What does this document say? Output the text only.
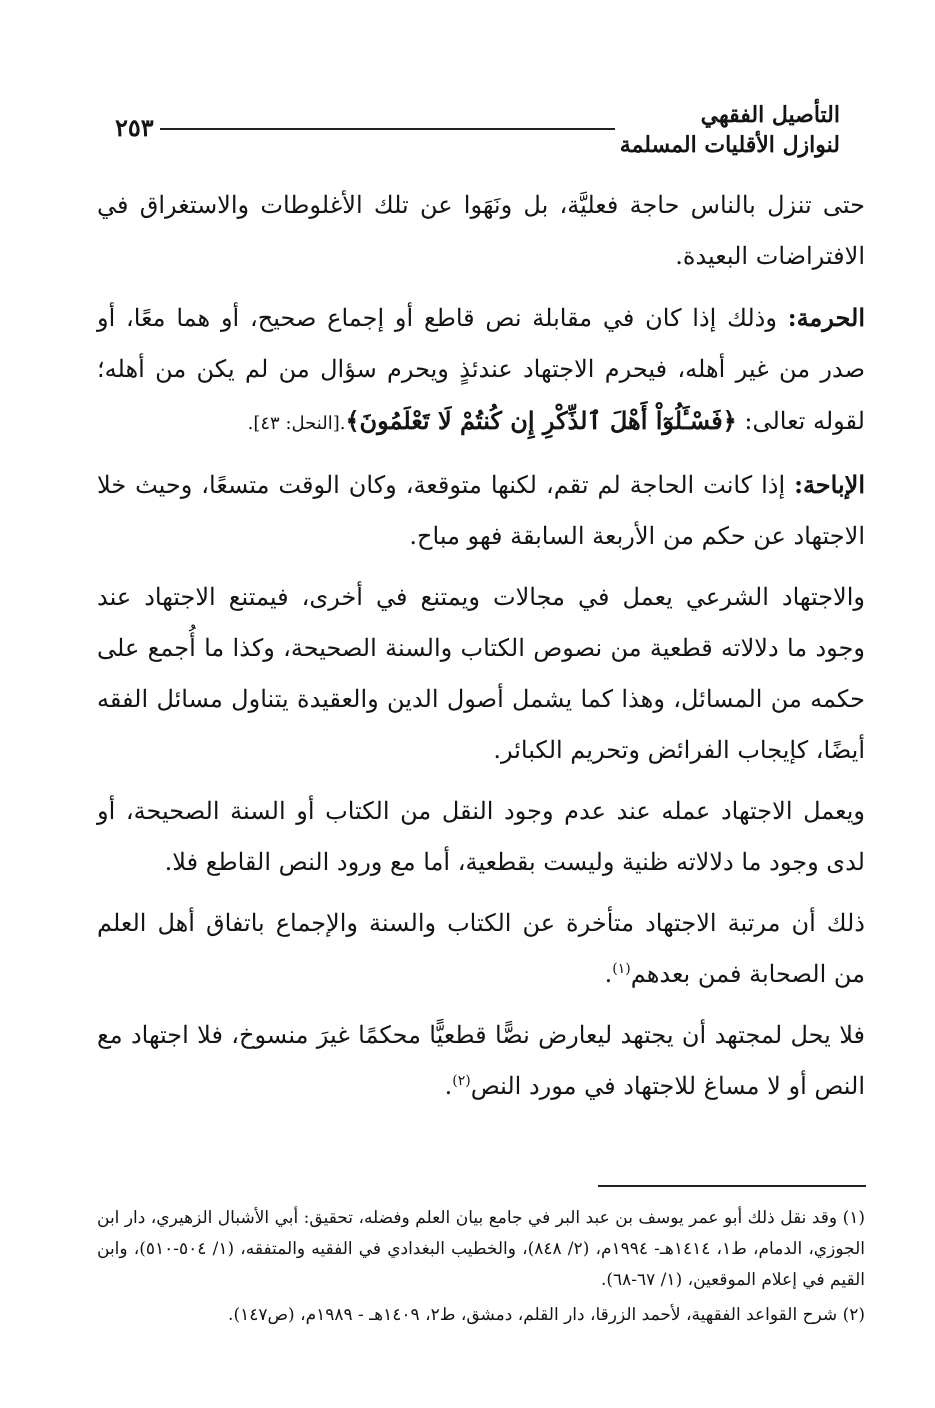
التأصيل الفقهي
لنوازل الأقليات المسلمة
٢٥٣

حتى تنزل بالناس حاجة فعليَّة، بل ونَهَوا عن تلك الأغلوطات والاستغراق في الافتراضات البعيدة.

الحرمة: وذلك إذا كان في مقابلة نص قاطع أو إجماع صحيح، أو هما معًا، أو صدر من غير أهله، فيحرم الاجتهاد عندئذٍ ويحرم سؤال من لم يكن من أهله؛ لقوله تعالى: ﴿فَسْـَٔلُوٓاْ أَهْلَ ٱلذِّكْرِ إِن كُنتُمْ لَا تَعْلَمُونَ﴾.[النحل: ٤٣].

الإباحة: إذا كانت الحاجة لم تقم، لكنها متوقعة، وكان الوقت متسعًا، وحيث خلا الاجتهاد عن حكم من الأربعة السابقة فهو مباح.

والاجتهاد الشرعي يعمل في مجالات ويمتنع في أخرى، فيمتنع الاجتهاد عند وجود ما دلالاته قطعية من نصوص الكتاب والسنة الصحيحة، وكذا ما أُجمع على حكمه من المسائل، وهذا كما يشمل أصول الدين والعقيدة يتناول مسائل الفقه أيضًا، كإيجاب الفرائض وتحريم الكبائر.

ويعمل الاجتهاد عمله عند عدم وجود النقل من الكتاب أو السنة الصحيحة، أو لدى وجود ما دلالاته ظنية وليست بقطعية، أما مع ورود النص القاطع فلا.

ذلك أن مرتبة الاجتهاد متأخرة عن الكتاب والسنة والإجماع باتفاق أهل العلم من الصحابة فمن بعدهم$^{(١)}$.

فلا يحل لمجتهد أن يجتهد ليعارض نصًّا قطعيًّا محكمًا غيرَ منسوخ، فلا اجتهاد مع النص أو لا مساغ للاجتهاد في مورد النص$^{(٢)}$.

(١) وقد نقل ذلك أبو عمر يوسف بن عبد البر في جامع بيان العلم وفضله، تحقيق: أبي الأشبال الزهيري، دار ابن الجوزي، الدمام، ط١، ١٤١٤هـ- ١٩٩٤م، (٢/ ٨٤٨)، والخطيب البغدادي في الفقيه والمتفقه، (١/ ٥٠٤-٥١٠)، وابن القيم في إعلام الموقعين، (١/ ٦٧-٦٨).

(٢) شرح القواعد الفقهية، لأحمد الزرقا، دار القلم، دمشق، ط٢، ١٤٠٩هـ - ١٩٨٩م، (ص١٤٧).
